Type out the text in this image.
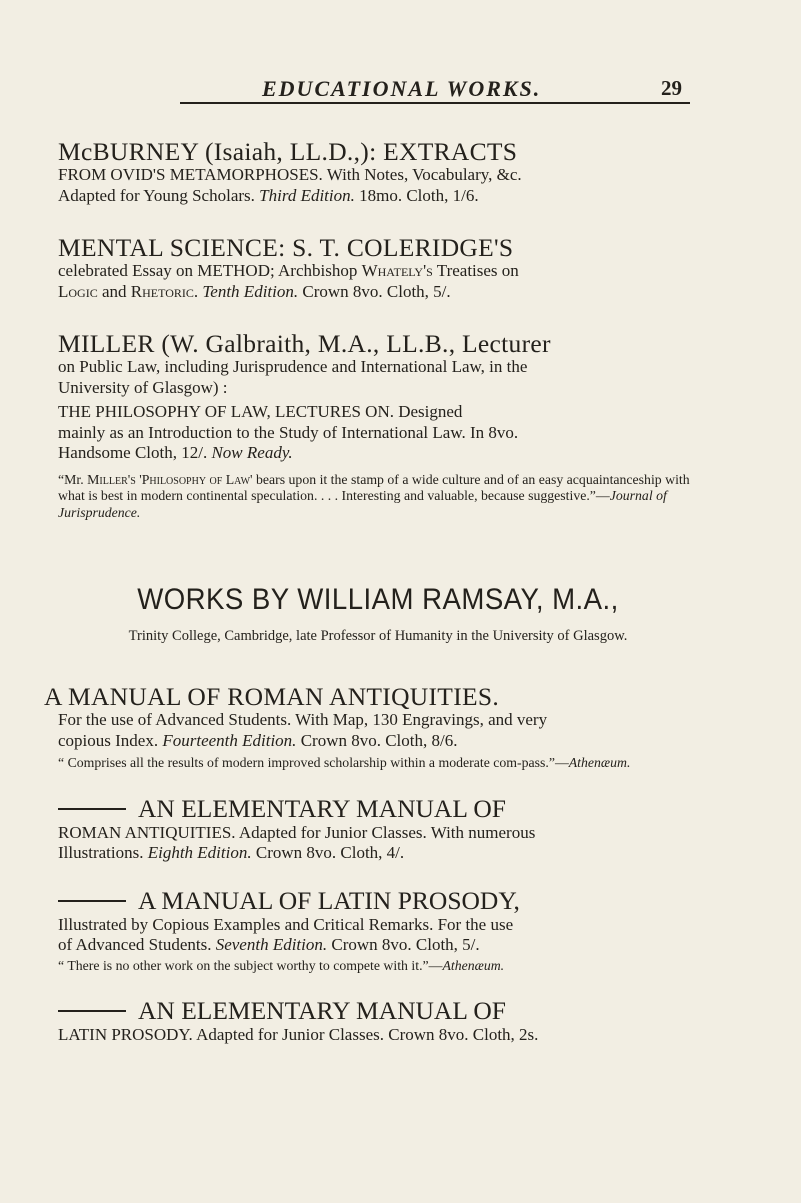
EDUCATIONAL WORKS.	29
McBURNEY (Isaiah, LL.D.,): EXTRACTS
FROM OVID'S METAMORPHOSES. With Notes, Vocabulary, &c.
Adapted for Young Scholars. Third Edition. 18mo. Cloth, 1/6.
MENTAL SCIENCE: S. T. COLERIDGE'S
celebrated Essay on METHOD; Archbishop Whately's Treatises on
Logic and Rhetoric. Tenth Edition. Crown 8vo. Cloth, 5/.
MILLER (W. Galbraith, M.A., LL.B., Lecturer
on Public Law, including Jurisprudence and International Law, in the
University of Glasgow) :
THE PHILOSOPHY OF LAW, LECTURES ON. Designed
mainly as an Introduction to the Study of International Law. In 8vo.
Handsome Cloth, 12/. Now Ready.
“Mr. Miller's 'Philosophy of Law' bears upon it the stamp of a wide culture and of an easy acquaintanceship with what is best in modern continental speculation. . . . Interesting and valuable, because suggestive.”—Journal of Jurisprudence.
WORKS BY WILLIAM RAMSAY, M.A.,
Trinity College, Cambridge, late Professor of Humanity in the University of Glasgow.
A MANUAL OF ROMAN ANTIQUITIES.
For the use of Advanced Students. With Map, 130 Engravings, and very
copious Index. Fourteenth Edition. Crown 8vo. Cloth, 8/6.
“ Comprises all the results of modern improved scholarship within a moderate com-pass.”—Athenæum.
AN ELEMENTARY MANUAL OF
ROMAN ANTIQUITIES. Adapted for Junior Classes. With numerous
Illustrations. Eighth Edition. Crown 8vo. Cloth, 4/.
A MANUAL OF LATIN PROSODY,
Illustrated by Copious Examples and Critical Remarks. For the use
of Advanced Students. Seventh Edition. Crown 8vo. Cloth, 5/.
“ There is no other work on the subject worthy to compete with it.”—Athenæum.
AN ELEMENTARY MANUAL OF
LATIN PROSODY. Adapted for Junior Classes. Crown 8vo. Cloth, 2s.
